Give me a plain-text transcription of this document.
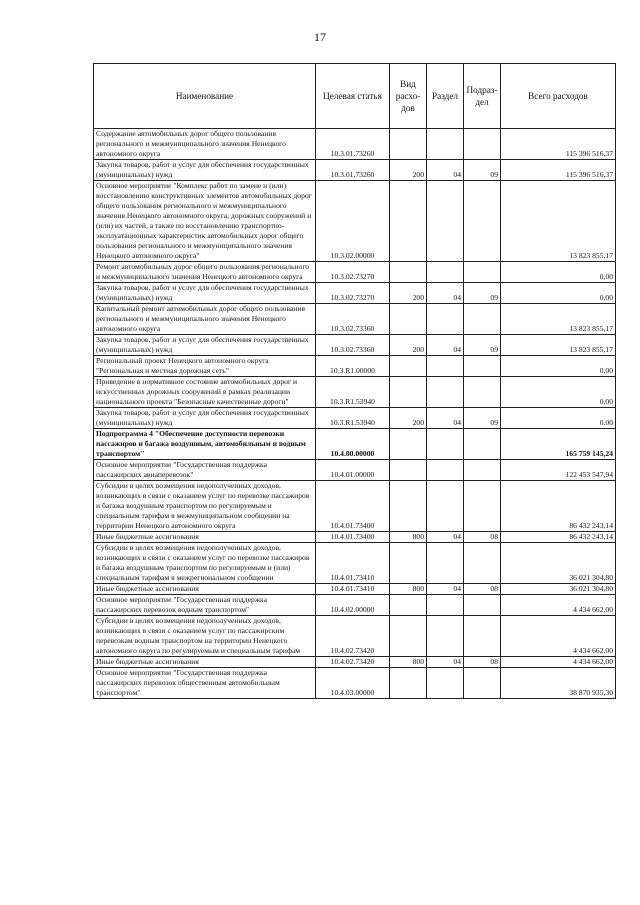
17
Наименование	Целевая статья	Вид расхо-дов	Раздел	Подраз-дел	Всего расходов
Содержание автомобильных дорог общего пользования регионального и межмуниципального значения Ненецкого автономного округа	10.3.01.73260				115 396 516,37
Закупка товаров, работ и услуг для обеспечения государственных (муниципальных) нужд	10.3.01.73260	200	04	09	115 396 516,37
Основное мероприятие "Комплекс работ по замене и (или) восстановлению конструктивных элементов автомобильных дорог общего пользования регионального и межмуниципального значения Ненецкого автономного округа, дорожных сооружений и (или) их частей, а также по восстановлению транспортно-эксплуатационных характеристик автомобильных дорог общего пользования регионального и межмуниципального значения Ненецкого автономного округа"	10.3.02.00000				13 823 855,17
Ремонт автомобильных дорог общего пользования регионального и межмуниципального значения Ненецкого автономного округа	10.3.02.73270				0,00
Закупка товаров, работ и услуг для обеспечения государственных (муниципальных) нужд	10.3.02.73270	200	04	09	0,00
Капитальный ремонт автомобильных дорог общего пользования регионального и межмуниципального значения Ненецкого автономного округа	10.3.02.73360				13 823 855,17
Закупка товаров, работ и услуг для обеспечения государственных (муниципальных) нужд	10.3.02.73360	200	04	09	13 823 855,17
Региональный проект Ненецкого автономного округа "Региональная и местная дорожная сеть"	10.3.R1.00000				0,00
Приведение в нормативное состояние автомобильных дорог и искусственных дорожных сооружений в рамках реализации национального проекта "Безопасные качественные дороги"	10.3.R1.53940				0,00
Закупка товаров, работ и услуг для обеспечения государственных (муниципальных) нужд	10.3.R1.53940	200	04	09	0,00
Подпрограмма 4 "Обеспечение доступности перевозки пассажиров и багажа воздушным, автомобильным и водным транспортом"	10.4.00.00000				165 759 145,24
Основное мероприятие "Государственная поддержка пассажирских авиаперевозок"	10.4.01.00000				122 453 547,94
Субсидии в целях возмещения недополученных доходов, возникающих в связи с оказанием услуг по перевозке пассажиров и багажа воздушным транспортом по регулируемым и специальным тарифам в межмуниципальном сообщении на территории Ненецкого автономного округа	10.4.01.73400				86 432 243,14
Иные бюджетные ассигнования	10.4.01.73400	800	04	08	86 432 243,14
Субсидии в целях возмещения недополученных доходов, возникающих в связи с оказанием услуг по перевозке пассажиров и багажа воздушным транспортом по регулируемым и (или) специальным тарифам в межрегиональном сообщении	10.4.01.73410				36 021 304,80
Иные бюджетные ассигнования	10.4.01.73410	800	04	08	36 021 304,80
Основное мероприятие "Государственная поддержка пассажирских перевозок водным транспортом"	10.4.02.00000				4 434 662,00
Субсидии в целях возмещения недополученных доходов, возникающих в связи с оказанием услуг по пассажирским перевозкам водным транспортом на территории Ненецкого автономного округа по регулируемым и специальным тарифам	10.4.02.73420				4 434 662,00
Иные бюджетные ассигнования	10.4.02.73420	800	04	08	4 434 662,00
Основное мероприятие "Государственная поддержка пассажирских перевозок общественным автомобильным транспортом"	10.4.03.00000				38 870 935,30
